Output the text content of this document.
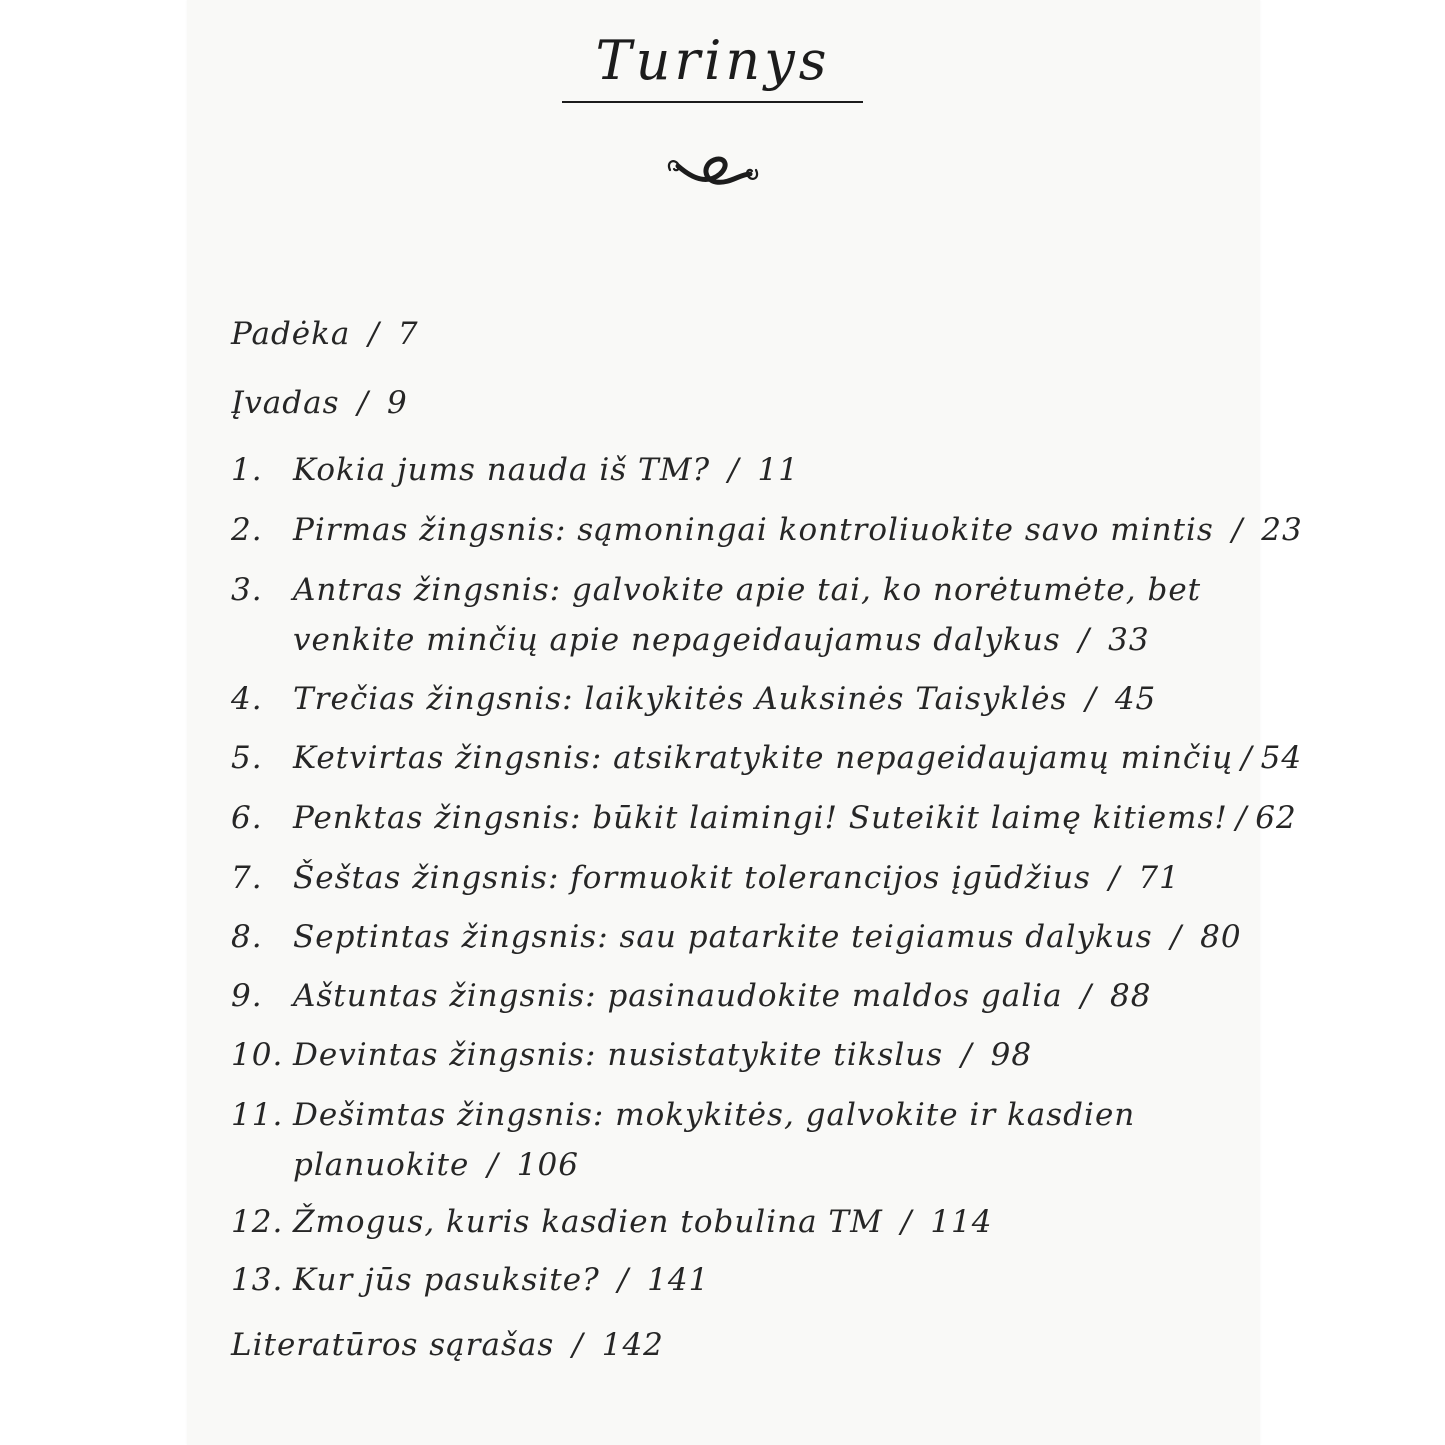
Turinys
Padėka / 7
Įvadas / 9
1. Kokia jums nauda iš TM? / 11
2. Pirmas žingsnis: sąmoningai kontroliuokite savo mintis / 23
3. Antras žingsnis: galvokite apie tai, ko norėtumėte, bet
venkite minčių apie nepageidaujamus dalykus / 33
4. Trečias žingsnis: laikykitės Auksinės Taisyklės / 45
5. Ketvirtas žingsnis: atsikratykite nepageidaujamų minčių / 54
6. Penktas žingsnis: būkit laimingi! Suteikit laimę kitiems! / 62
7. Šeštas žingsnis: formuokit tolerancijos įgūdžius / 71
8. Septintas žingsnis: sau patarkite teigiamus dalykus / 80
9. Aštuntas žingsnis: pasinaudokite maldos galia / 88
10. Devintas žingsnis: nusistatykite tikslus / 98
11. Dešimtas žingsnis: mokykitės, galvokite ir kasdien
planuokite / 106
12. Žmogus, kuris kasdien tobulina TM / 114
13. Kur jūs pasuksite? / 141
Literatūros sąrašas / 142
